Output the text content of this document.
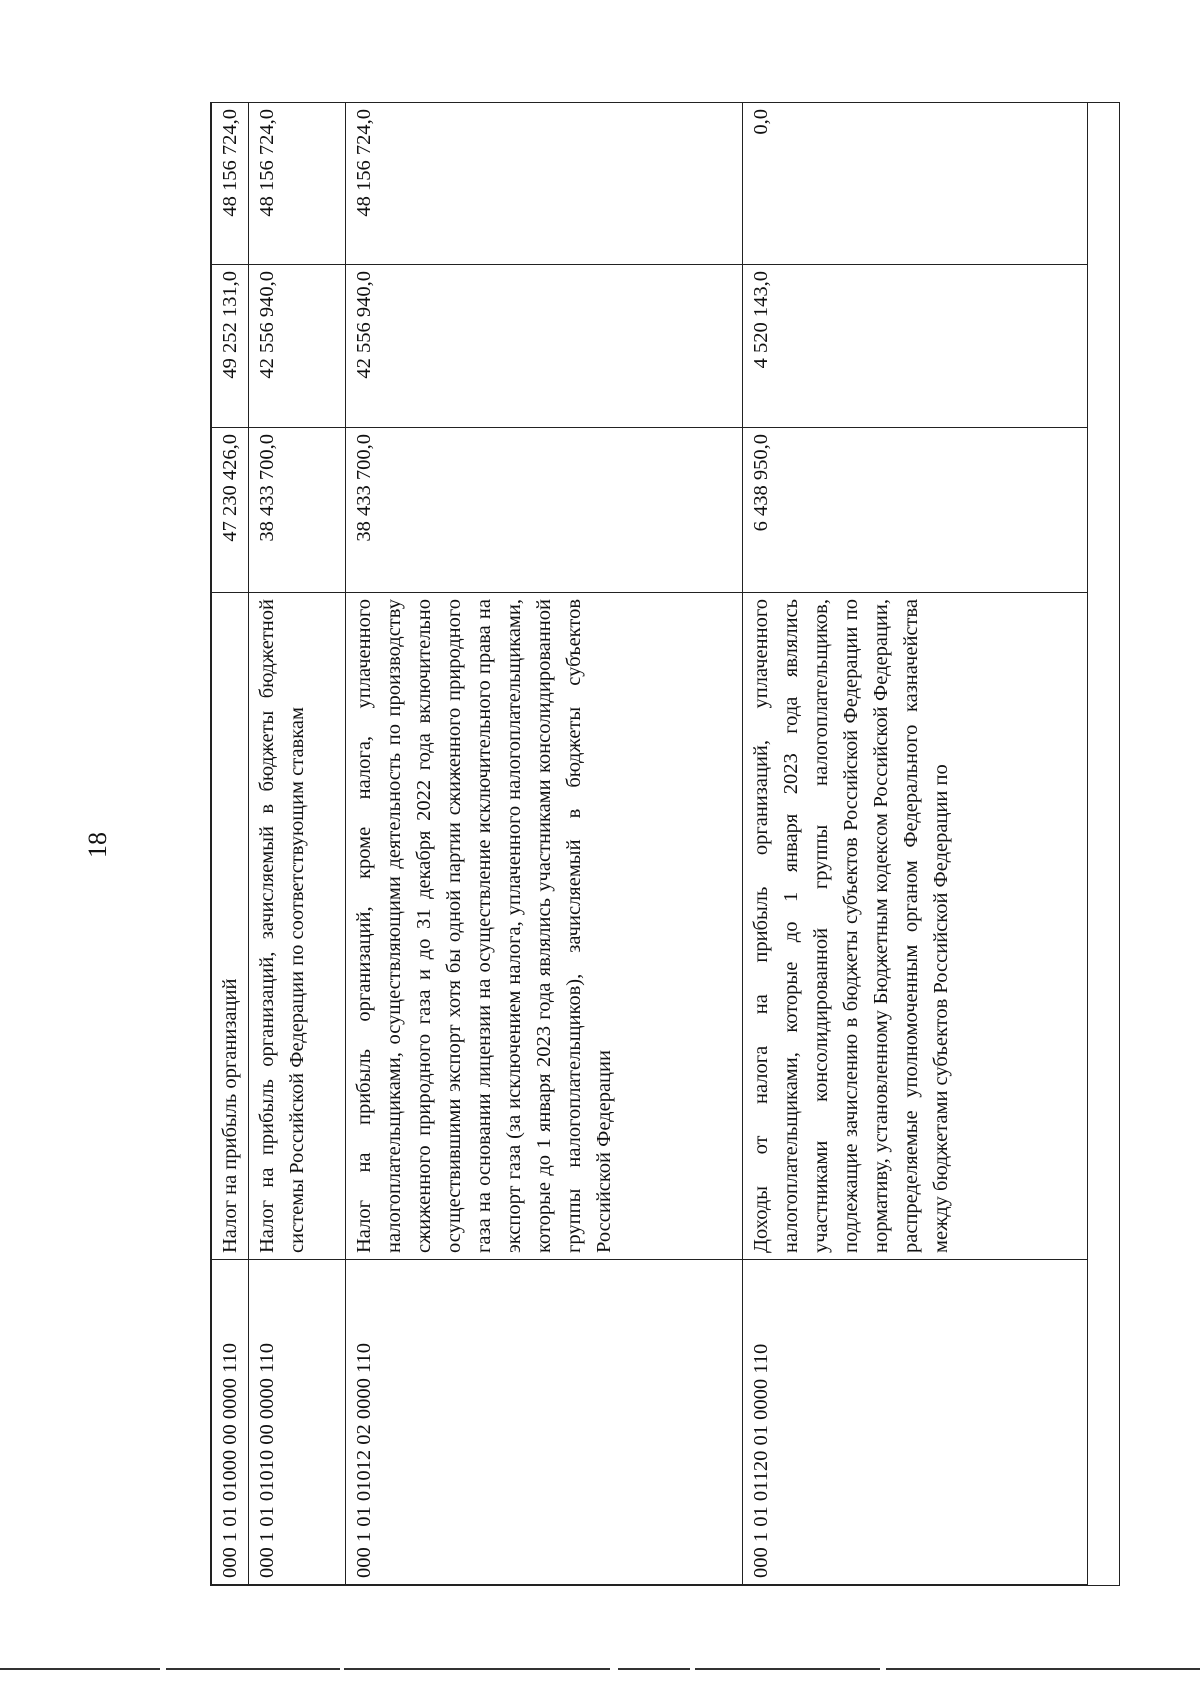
18
000 1 01 01000 00 0000 110	Налог на прибыль организаций	47 230 426,0	49 252 131,0	48 156 724,0
000 1 01 01010 00 0000 110	Налог на прибыль организаций, зачисляемый в бюджеты бюджетной системы Российской Федерации по соответствующим ставкам	38 433 700,0	42 556 940,0	48 156 724,0
000 1 01 01012 02 0000 110	Налог на прибыль организаций, кроме налога, уплаченного налогоплательщиками, осуществляющими деятельность по производству сжиженного природного газа и до 31 декабря 2022 года включительно осуществившими экспорт хотя бы одной партии сжиженного природного газа на основании лицензии на осуществление исключительного права на экспорт газа (за исключением налога, уплаченного налогоплательщиками, которые до 1 января 2023 года являлись участниками консолидированной группы налогоплательщиков), зачисляемый в бюджеты субъектов Российской Федерации	38 433 700,0	42 556 940,0	48 156 724,0
000 1 01 01120 01 0000 110	Доходы от налога на прибыль организаций, уплаченного налогоплательщиками, которые до 1 января 2023 года являлись участниками консолидированной группы налогоплательщиков, подлежащие зачислению в бюджеты субъектов Российской Федерации по нормативу, установленному Бюджетным кодексом Российской Федерации, распределяемые уполномоченным органом Федерального казначейства между бюджетами субъектов Российской Федерации по	6 438 950,0	4 520 143,0	0,0
